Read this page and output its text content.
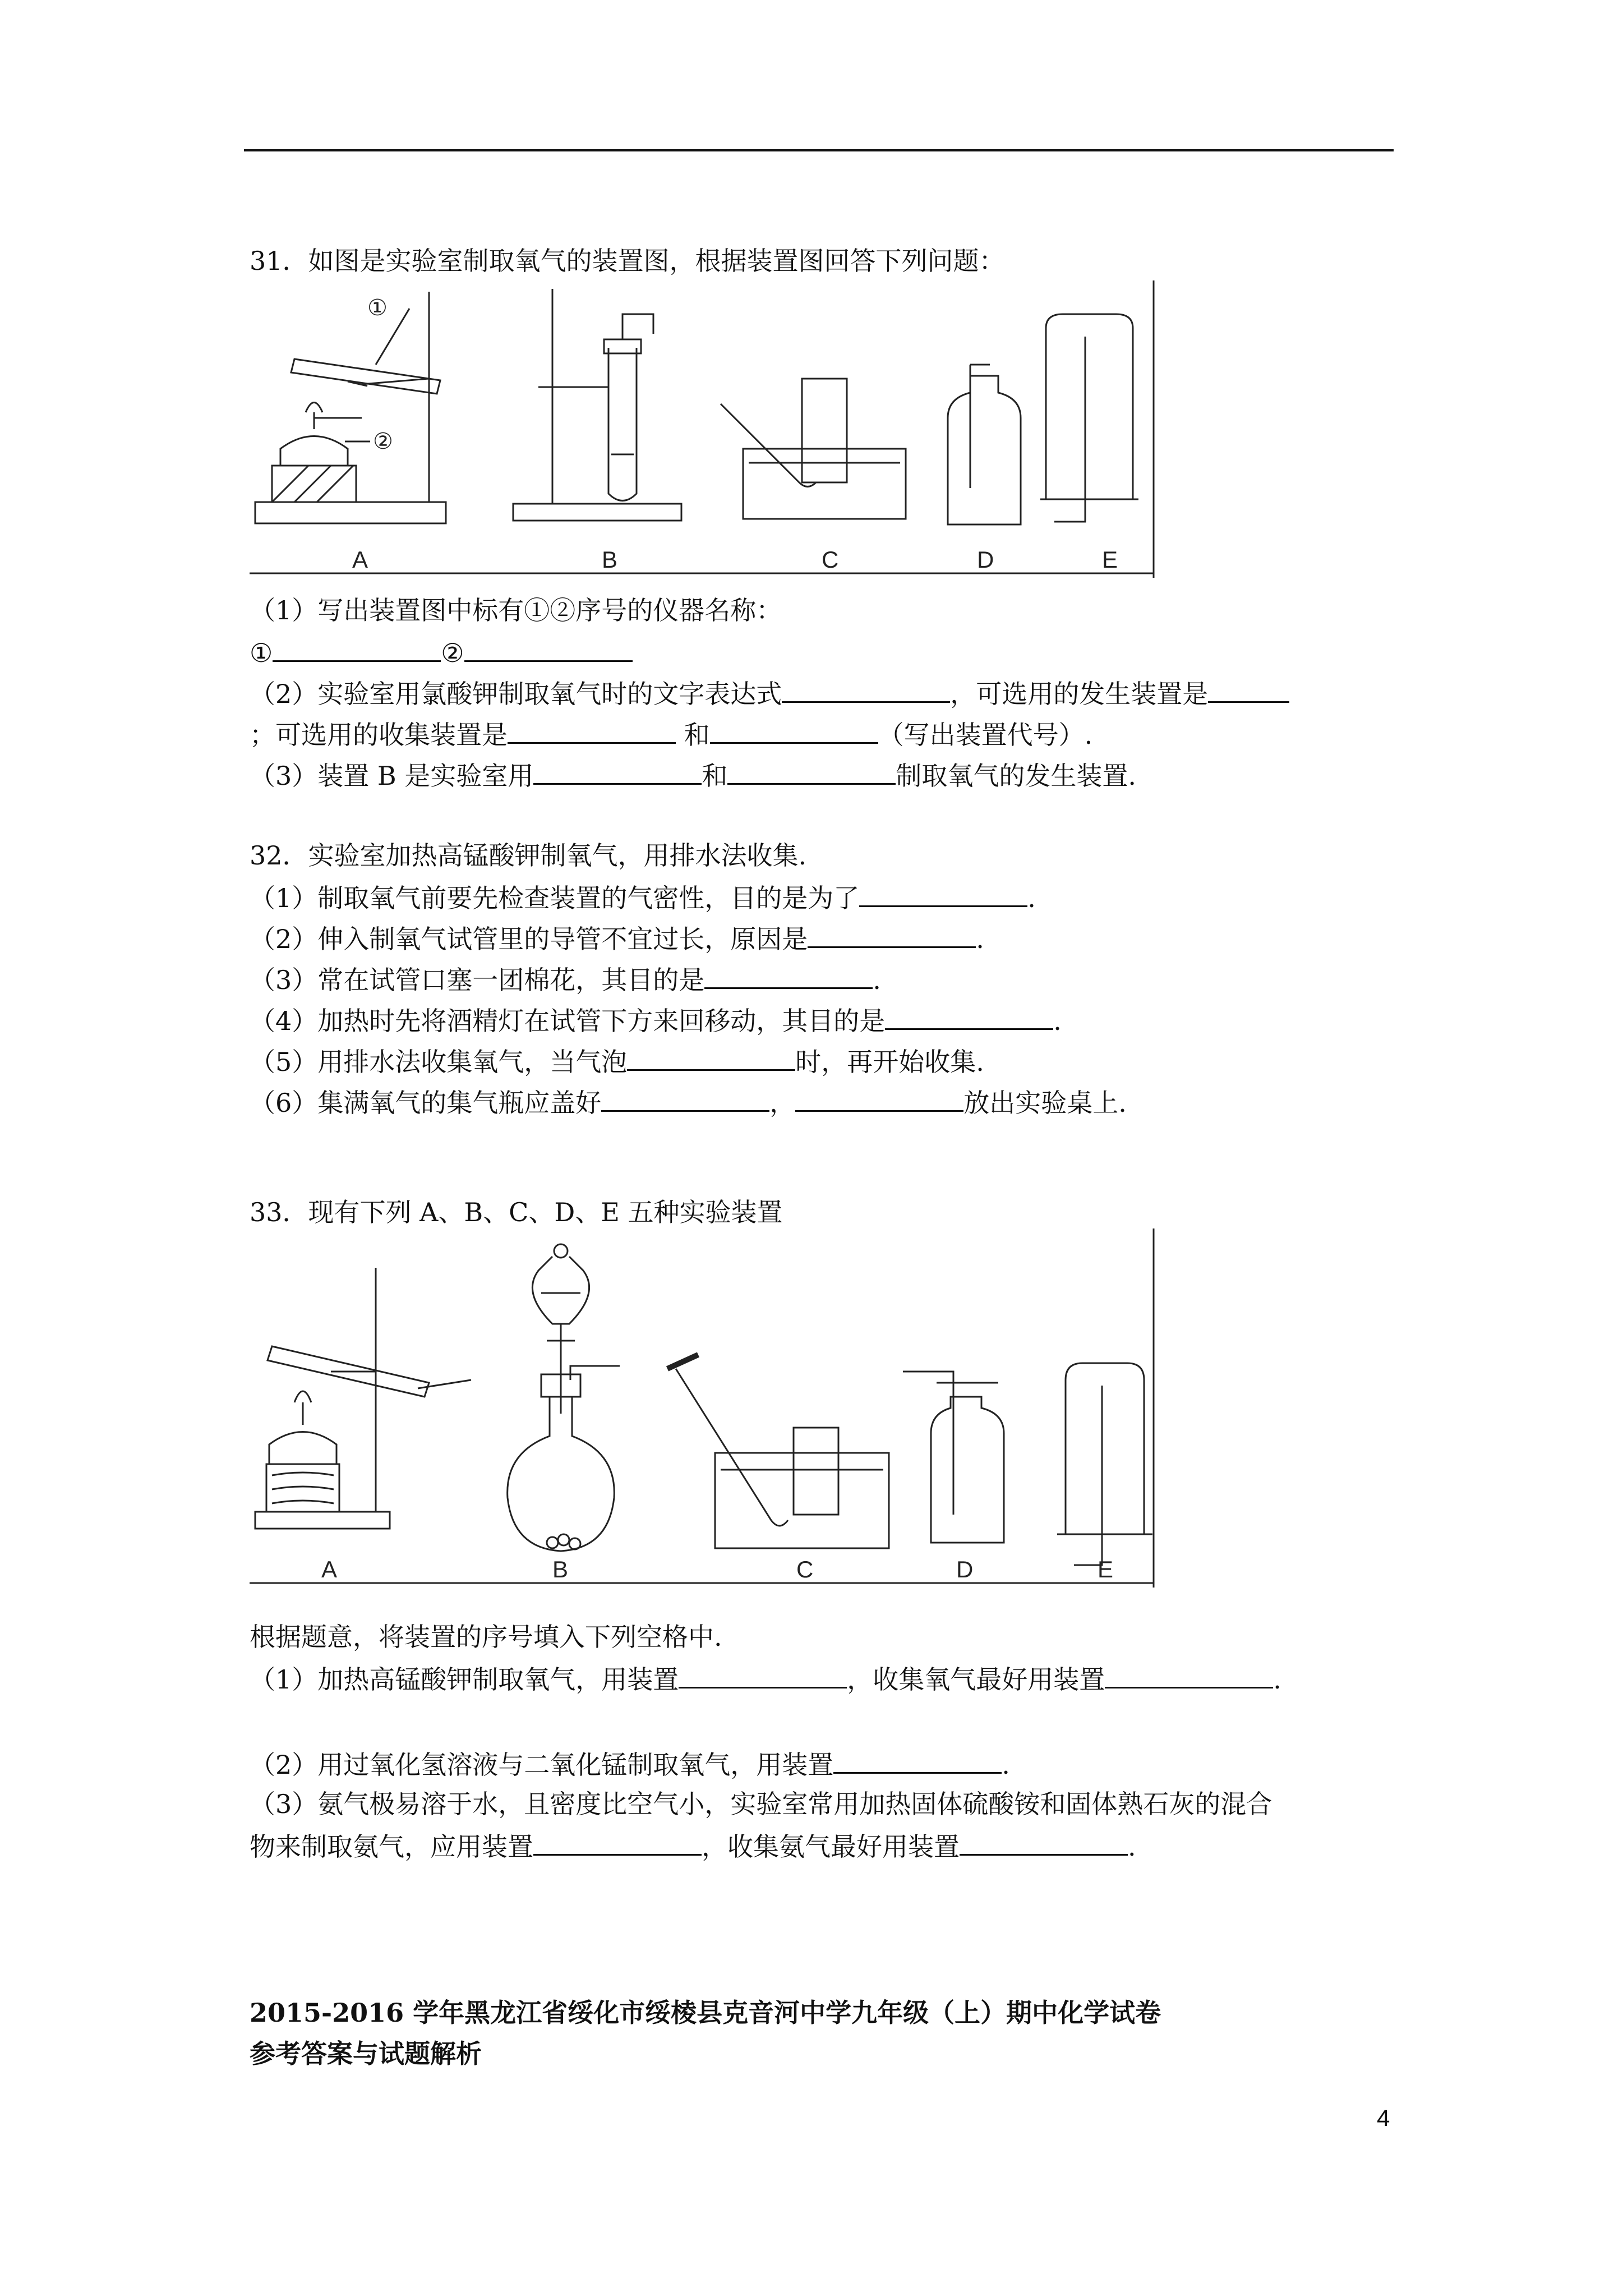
31．如图是实验室制取氧气的装置图，根据装置图回答下列问题：
①
②
A	B	C	D	E
（1）写出装置图中标有①②序号的仪器名称：
①	②
（2）实验室用氯酸钾制取氧气时的文字表达式	，可选用的发生装置是
；可选用的收集装置是	和	（写出装置代号）.
（3）装置 B 是实验室用	和	制取氧气的发生装置.
32．实验室加热高锰酸钾制氧气，用排水法收集.
（1）制取氧气前要先检查装置的气密性，目的是为了	.
（2）伸入制氧气试管里的导管不宜过长，原因是	.
（3）常在试管口塞一团棉花，其目的是	.
（4）加热时先将酒精灯在试管下方来回移动，其目的是	.
（5）用排水法收集氧气，当气泡	时，再开始收集.
（6）集满氧气的集气瓶应盖好	，	放出实验桌上.
33．现有下列 A、B、C、D、E 五种实验装置
A	B	C	D	E
根据题意，将装置的序号填入下列空格中.
（1）加热高锰酸钾制取氧气，用装置	，收集氧气最好用装置	.
（2）用过氧化氢溶液与二氧化锰制取氧气，用装置	.
（3）氨气极易溶于水，且密度比空气小，实验室常用加热固体硫酸铵和固体熟石灰的混合
物来制取氨气，应用装置	，收集氨气最好用装置	.
2015-2016 学年黑龙江省绥化市绥棱县克音河中学九年级（上）期中化学试卷
参考答案与试题解析
4
